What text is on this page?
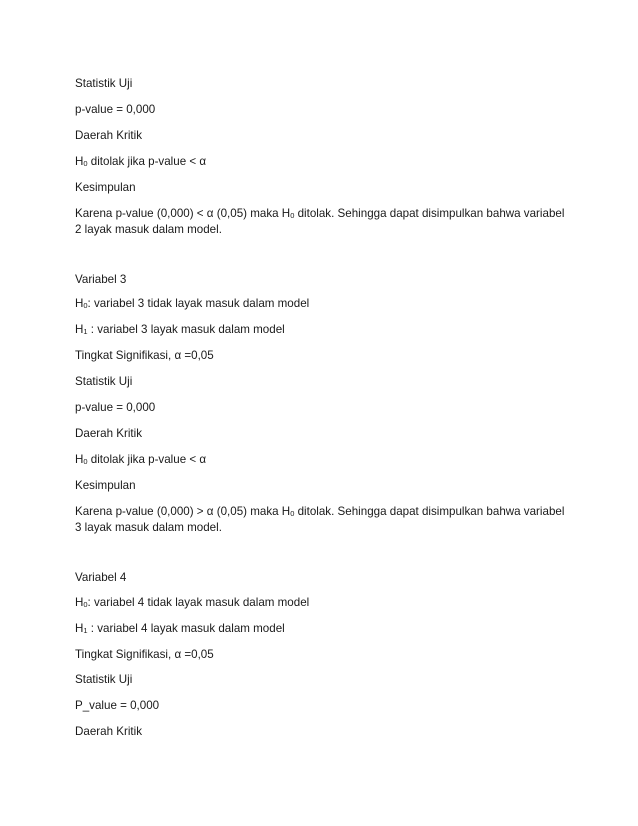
Statistik Uji
p-value = 0,000
Daerah Kritik
$H_0$ ditolak jika p-value < α
Kesimpulan
Karena p-value (0,000) < α (0,05) maka $H_0$ ditolak. Sehingga dapat disimpulkan bahwa variabel 2 layak masuk dalam model.
Variabel 3
$H_0$: variabel 3 tidak layak masuk dalam model
$H_1$ : variabel 3 layak masuk dalam model
Tingkat Signifikasi, α =0,05
Statistik Uji
p-value = 0,000
Daerah Kritik
$H_0$ ditolak jika p-value < α
Kesimpulan
Karena p-value (0,000) > α (0,05) maka $H_0$ ditolak. Sehingga dapat disimpulkan bahwa variabel 3 layak masuk dalam model.
Variabel 4
$H_0$: variabel 4 tidak layak masuk dalam model
$H_1$ : variabel 4 layak masuk dalam model
Tingkat Signifikasi, α =0,05
Statistik Uji
P_value = 0,000
Daerah Kritik
